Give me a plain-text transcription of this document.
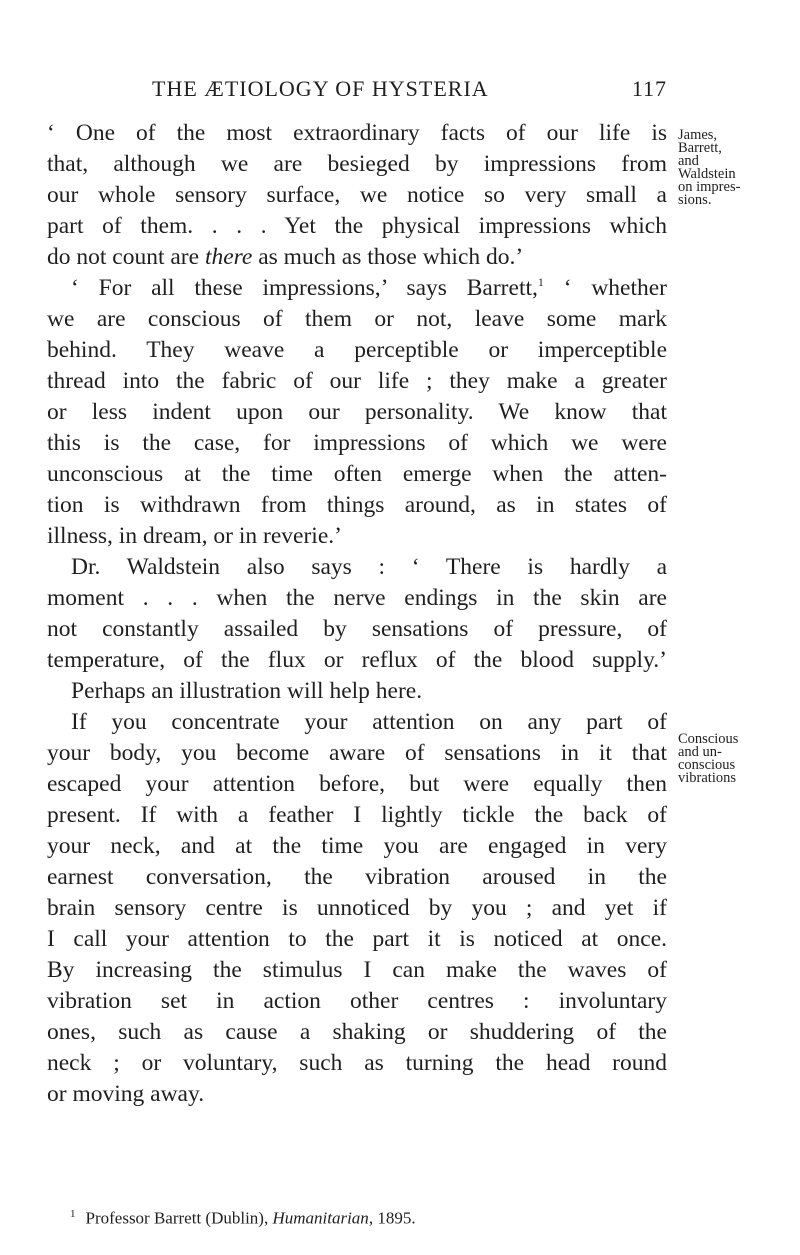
THE ÆTIOLOGY OF HYSTERIA	117
‘ One of the most extraordinary facts of our life is
that, although we are besieged by impressions from
our whole sensory surface, we notice so very small a
part of them. . . . Yet the physical impressions which
do not count are there as much as those which do.’
‘ For all these impressions,’ says Barrett,$^1$ ‘ whether
we are conscious of them or not, leave some mark
behind. They weave a perceptible or imperceptible
thread into the fabric of our life ; they make a greater
or less indent upon our personality. We know that
this is the case, for impressions of which we were
unconscious at the time often emerge when the atten-
tion is withdrawn from things around, as in states of
illness, in dream, or in reverie.’
Dr. Waldstein also says : ‘ There is hardly a
moment . . . when the nerve endings in the skin are
not constantly assailed by sensations of pressure, of
temperature, of the flux or reflux of the blood supply.’
Perhaps an illustration will help here.
If you concentrate your attention on any part of
your body, you become aware of sensations in it that
escaped your attention before, but were equally then
present. If with a feather I lightly tickle the back of
your neck, and at the time you are engaged in very
earnest conversation, the vibration aroused in the
brain sensory centre is unnoticed by you ; and yet if
I call your attention to the part it is noticed at once.
By increasing the stimulus I can make the waves of
vibration set in action other centres : involuntary
ones, such as cause a shaking or shuddering of the
neck ; or voluntary, such as turning the head round
or moving away.
James,
Barrett,
and
Waldstein
on impres-
sions.
Conscious
and un-
conscious
vibrations
$^1$ Professor Barrett (Dublin), Humanitarian, 1895.
